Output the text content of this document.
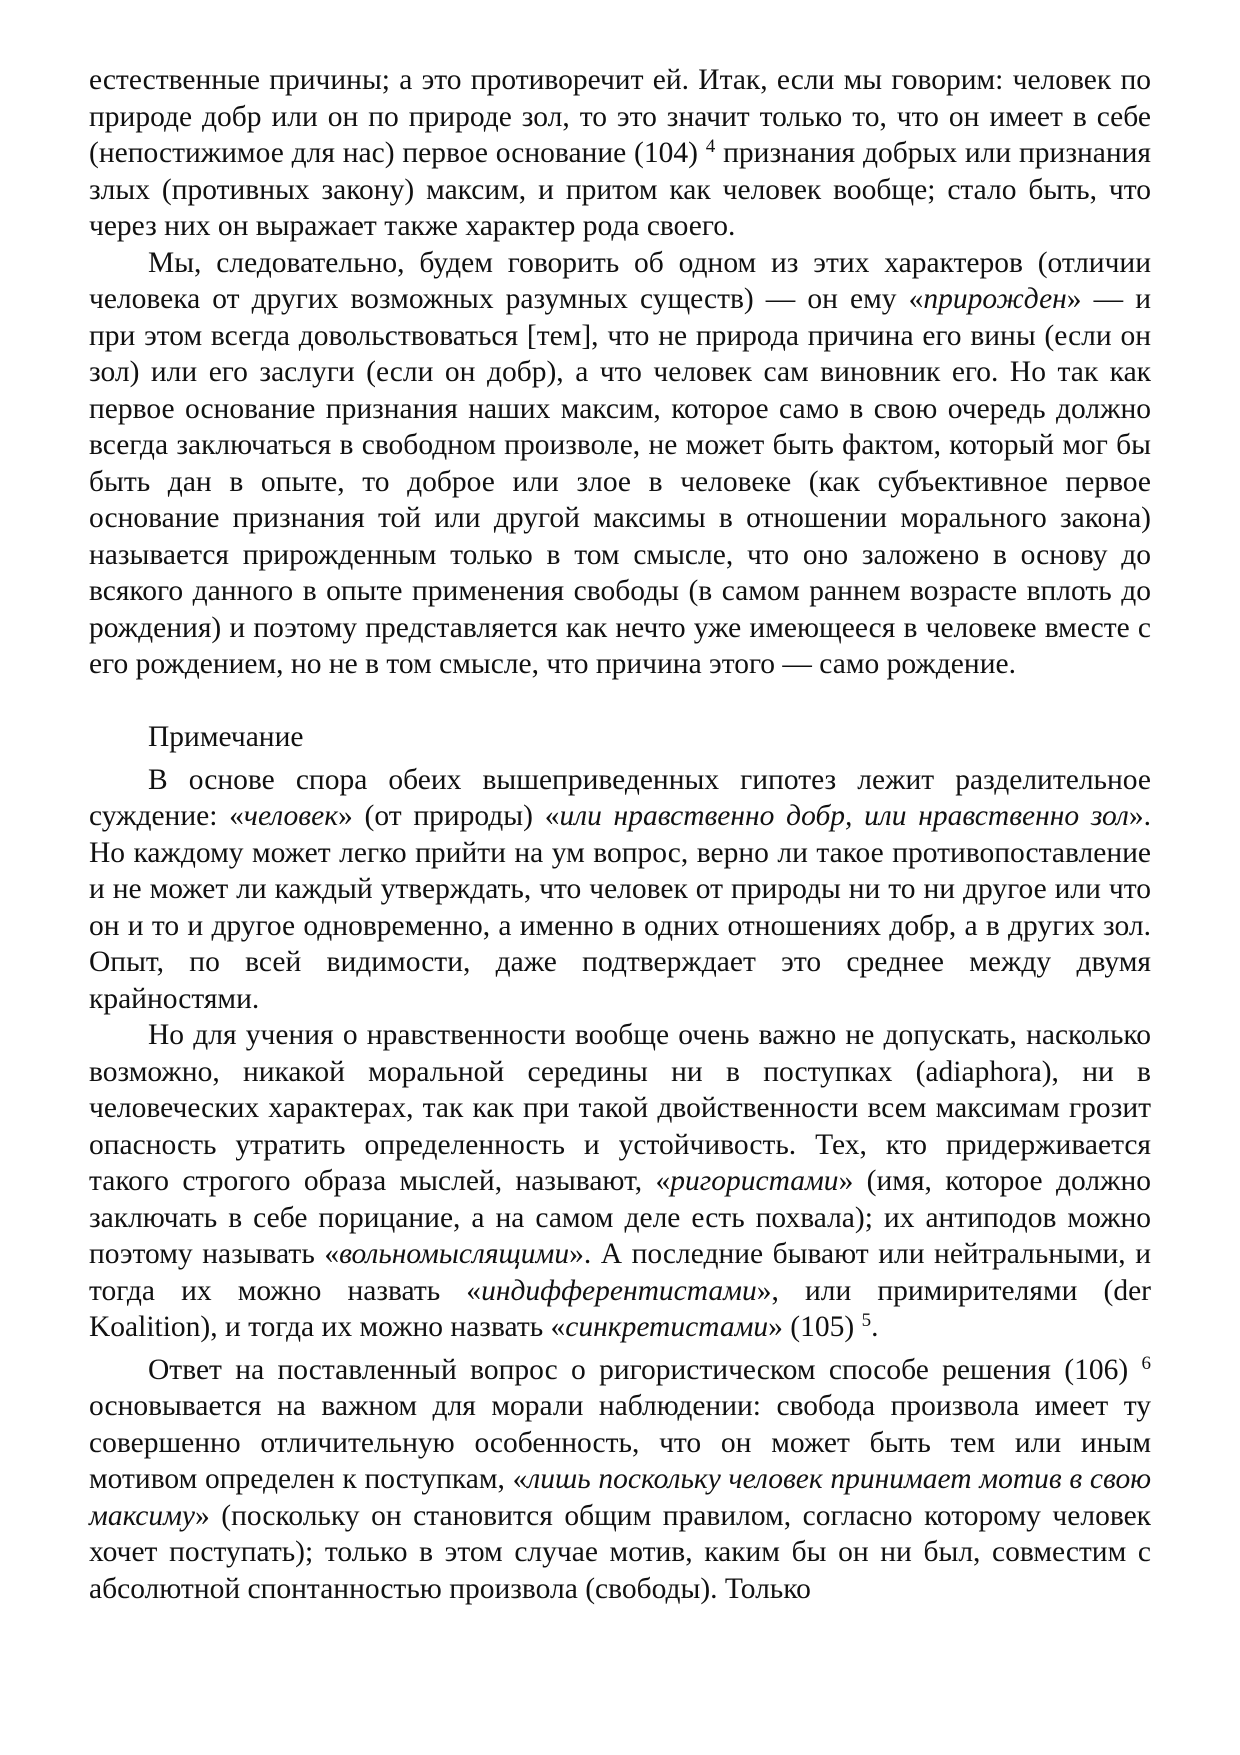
естественные причины; а это противоречит ей. Итак, если мы говорим: человек по природе добр или он по природе зол, то это значит только то, что он имеет в себе (непостижимое для нас) первое основание (104) $^4$ признания добрых или признания злых (противных закону) максим, и притом как человек вообще; стало быть, что через них он выражает также характер рода своего.

Мы, следовательно, будем говорить об одном из этих характеров (отличии человека от других возможных разумных существ) — он ему «прирожден» — и при этом всегда довольствоваться [тем], что не природа причина его вины (если он зол) или его заслуги (если он добр), а что человек сам виновник его. Но так как первое основание признания наших максим, которое само в свою очередь должно всегда заключаться в свободном произволе, не может быть фактом, который мог бы быть дан в опыте, то доброе или злое в человеке (как субъективное первое основание признания той или другой максимы в отношении морального закона) называется прирожденным только в том смысле, что оно заложено в основу до всякого данного в опыте применения свободы (в самом раннем возрасте вплоть до рождения) и поэтому представляется как нечто уже имеющееся в человеке вместе с его рождением, но не в том смысле, что причина этого — само рождение.

Примечание

В основе спора обеих вышеприведенных гипотез лежит разделительное суждение: «человек» (от природы) «или нравственно добр, или нравственно зол». Но каждому может легко прийти на ум вопрос, верно ли такое противопоставление и не может ли каждый утверждать, что человек от природы ни то ни другое или что он и то и другое одновременно, а именно в одних отношениях добр, а в других зол. Опыт, по всей видимости, даже подтверждает это среднее между двумя крайностями.

Но для учения о нравственности вообще очень важно не допускать, насколько возможно, никакой моральной середины ни в поступках (adiaphora), ни в человеческих характерах, так как при такой двойственности всем максимам грозит опасность утратить определенность и устойчивость. Тех, кто придерживается такого строгого образа мыслей, называют, «ригористами» (имя, которое должно заключать в себе порицание, а на самом деле есть похвала); их антиподов можно поэтому называть «вольномыслящими». А последние бывают или нейтральными, и тогда их можно назвать «индифферентистами», или примирителями (der Koalition), и тогда их можно назвать «синкретистами» (105) $^5$.

Ответ на поставленный вопрос о ригористическом способе решения (106) $^6$ основывается на важном для морали наблюдении: свобода произвола имеет ту совершенно отличительную особенность, что он может быть тем или иным мотивом определен к поступкам, «лишь поскольку человек принимает мотив в свою максиму» (поскольку он становится общим правилом, согласно которому человек хочет поступать); только в этом случае мотив, каким бы он ни был, совместим с абсолютной спонтанностью произвола (свободы). Только
